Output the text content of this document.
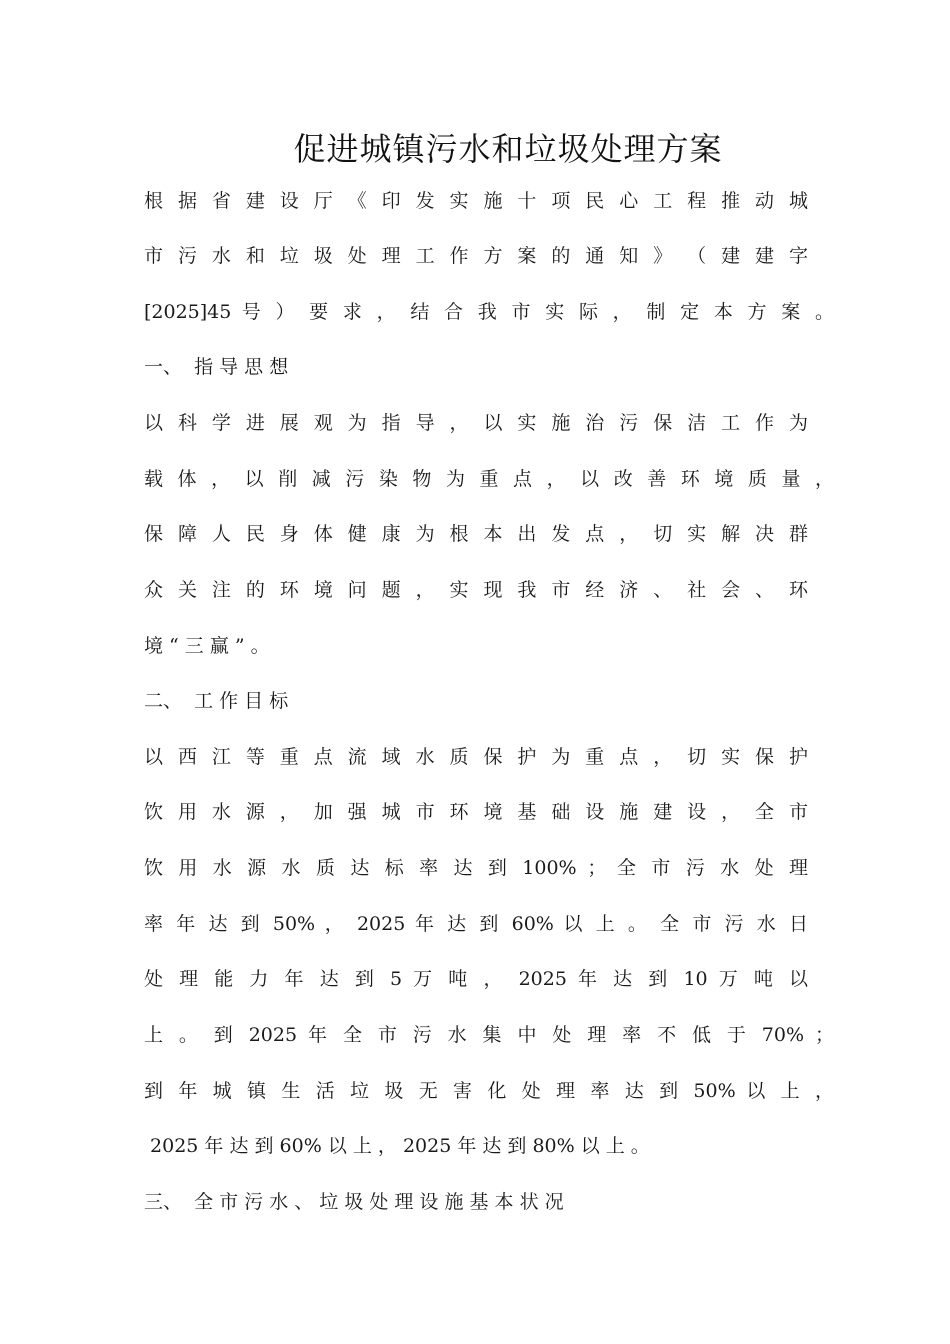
促进城镇污水和垃圾处理方案
根 据 省 建 设 厅 《 印 发 实 施 十 项 民 心 工 程 推 动 城
市 污 水 和 垃 圾 处 理 工 作 方 案 的 通 知 》 （ 建 建 字
[2025]45 号 ） 要 求 ， 结 合 我 市 实 际 ， 制 定 本 方 案 。
一、  指 导 思 想
以 科 学 进 展 观 为 指 导 ， 以 实 施 治 污 保 洁 工 作 为
载 体 ， 以 削 减 污 染 物 为 重 点 ， 以 改 善 环 境 质 量 ，
保 障 人 民 身 体 健 康 为 根 本 出 发 点 ， 切 实 解 决 群
众 关 注 的 环 境 问 题 ， 实 现 我 市 经 济 、 社 会 、 环
境 “ 三 赢 ” 。
二、  工 作 目 标
以 西 江 等 重 点 流 域 水 质 保 护 为 重 点 ， 切 实 保 护
饮 用 水 源 ， 加 强 城 市 环 境 基 础 设 施 建 设 ， 全 市
饮 用 水 源 水 质 达 标 率 达 到 100% ； 全 市 污 水 处 理
率 年 达 到 50% ， 2025 年 达 到 60% 以 上 。 全 市 污 水 日
处 理 能 力 年 达 到 5 万 吨 ， 2025 年 达 到 10 万 吨 以
上 。 到 2025 年 全 市 污 水 集 中 处 理 率 不 低 于 70% ；
到 年 城 镇 生 活 垃 圾 无 害 化 处 理 率 达 到 50% 以 上 ，
2025 年 达 到 60% 以 上 ， 2025 年 达 到 80% 以 上 。
三、  全 市 污 水 、 垃 圾 处 理 设 施 基 本 状 况
